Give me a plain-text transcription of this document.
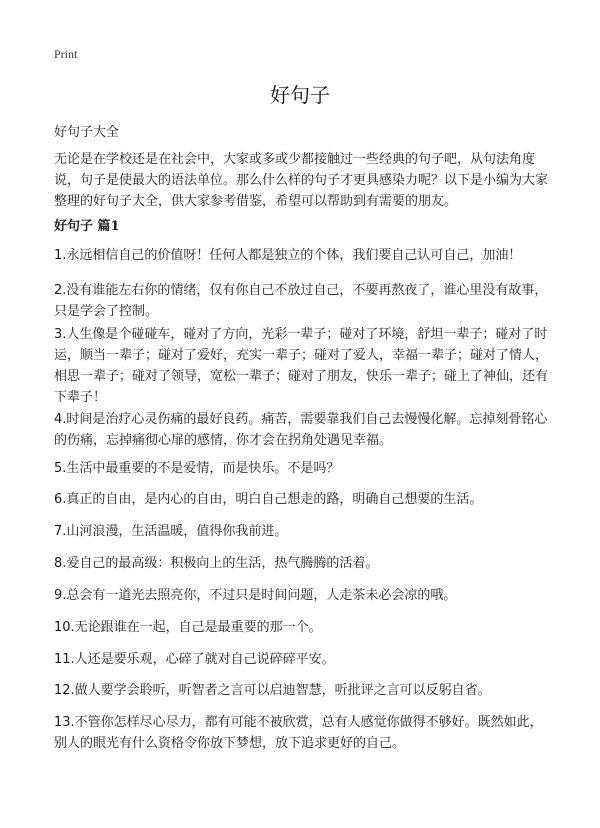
Print
好句子
好句子大全

无论是在学校还是在社会中，大家或多或少都接触过一些经典的句子吧，从句法角度说，句子是使最大的语法单位。那么什么样的句子才更具感染力呢？以下是小编为大家整理的好句子大全，供大家参考借鉴，希望可以帮助到有需要的朋友。

好句子 篇1

1.永远相信自己的价值呀！任何人都是独立的个体，我们要自己认可自己，加油！

2.没有谁能左右你的情绪，仅有你自己不放过自己，不要再熬夜了，谁心里没有故事，只是学会了控制。

3.人生像是个碰碰车，碰对了方向，光彩一辈子；碰对了环境，舒坦一辈子；碰对了时运，顺当一辈子；碰对了爱好，充实一辈子；碰对了爱人，幸福一辈子；碰对了情人，相思一辈子；碰对了领导，宽松一辈子；碰对了朋友，快乐一辈子；碰上了神仙，还有下辈子！

4.时间是治疗心灵伤痛的最好良药。痛苦，需要靠我们自己去慢慢化解。忘掉刻骨铭心的伤痛，忘掉痛彻心扉的感情，你才会在拐角处遇见幸福。

5.生活中最重要的不是爱情，而是快乐。不是吗？

6.真正的自由，是内心的自由，明白自己想走的路，明确自己想要的生活。

7.山河浪漫，生活温暖，值得你我前进。

8.爱自己的最高级：积极向上的生活，热气腾腾的活着。

9.总会有一道光去照亮你，不过只是时间问题，人走茶未必会凉的哦。

10.无论跟谁在一起，自己是最重要的那一个。

11.人还是要乐观，心碎了就对自己说碎碎平安。

12.做人要学会聆听，听智者之言可以启迪智慧，听批评之言可以反躬自省。

13.不管你怎样尽心尽力，都有可能不被欣赏，总有人感觉你做得不够好。既然如此，别人的眼光有什么资格令你放下梦想，放下追求更好的自己。
